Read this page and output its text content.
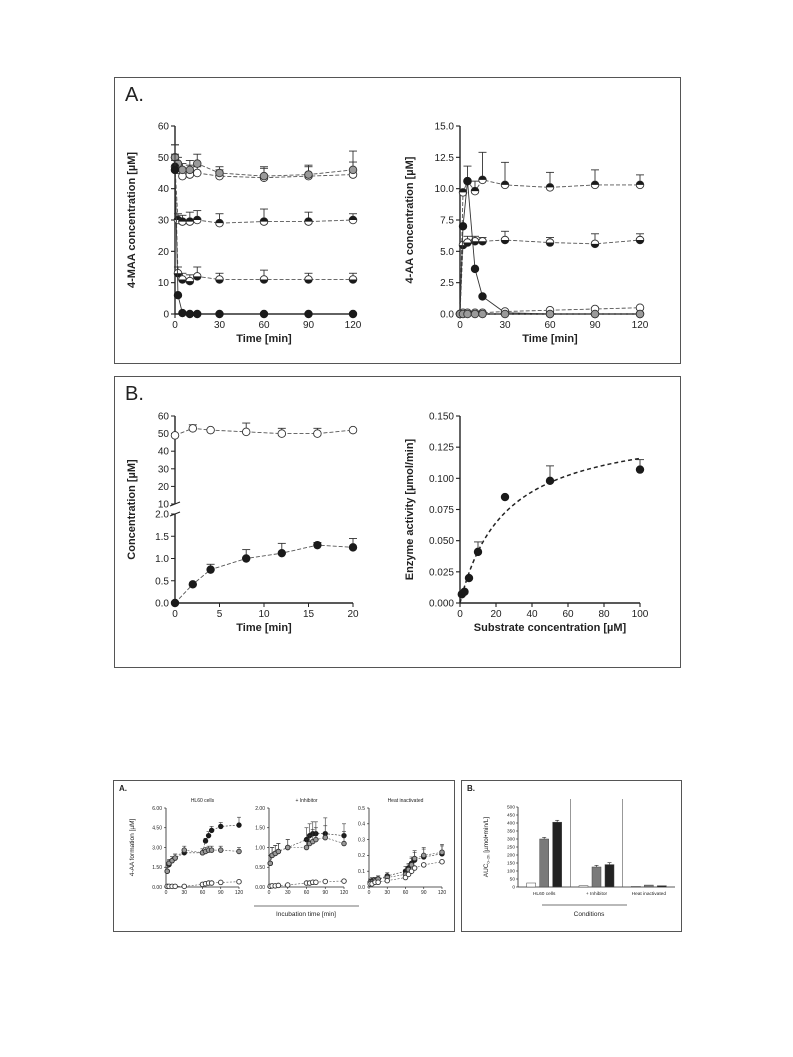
A.
0
10
20
30
40
50
60
0	30	60	90	120
Time [min]
4-MAA concentration [µM]
0.0
2.5
5.0
7.5
10.0
12.5
15.0
0	30	60	90	120
Time [min]
4-AA concentration [µM]
B.
10
20
30
40
50
60
0.0
0.5
1.0
1.5
2.0
0	5	10	15	20
Time [min]
Concentration [µM]
0.000
0.025
0.050
0.075
0.100
0.125
0.150
0	20 40 60 80 100
Substrate concentration [µM]
Enzyme activity [µmol/min]
A.
0.00
1.50
3.00
4.50
6.00
0	30	60	90 120
4-AA formation [µM]
HL60 cells
0.00
0.50
1.00
1.50
2.00
0	30	60	90 120
+ Inhibitor
0.0
0.1
0.2
0.3
0.4
0.5
0	30	60	90 120
Heat inactivated
Incubation time [min]
B.
0
50
100
150
200
250
300
350
400
450
500
$AUC_{0-2h}$ [µmol•min/L]
HL60 cells	+ Inhibitor	Heat inactivated
Conditions
